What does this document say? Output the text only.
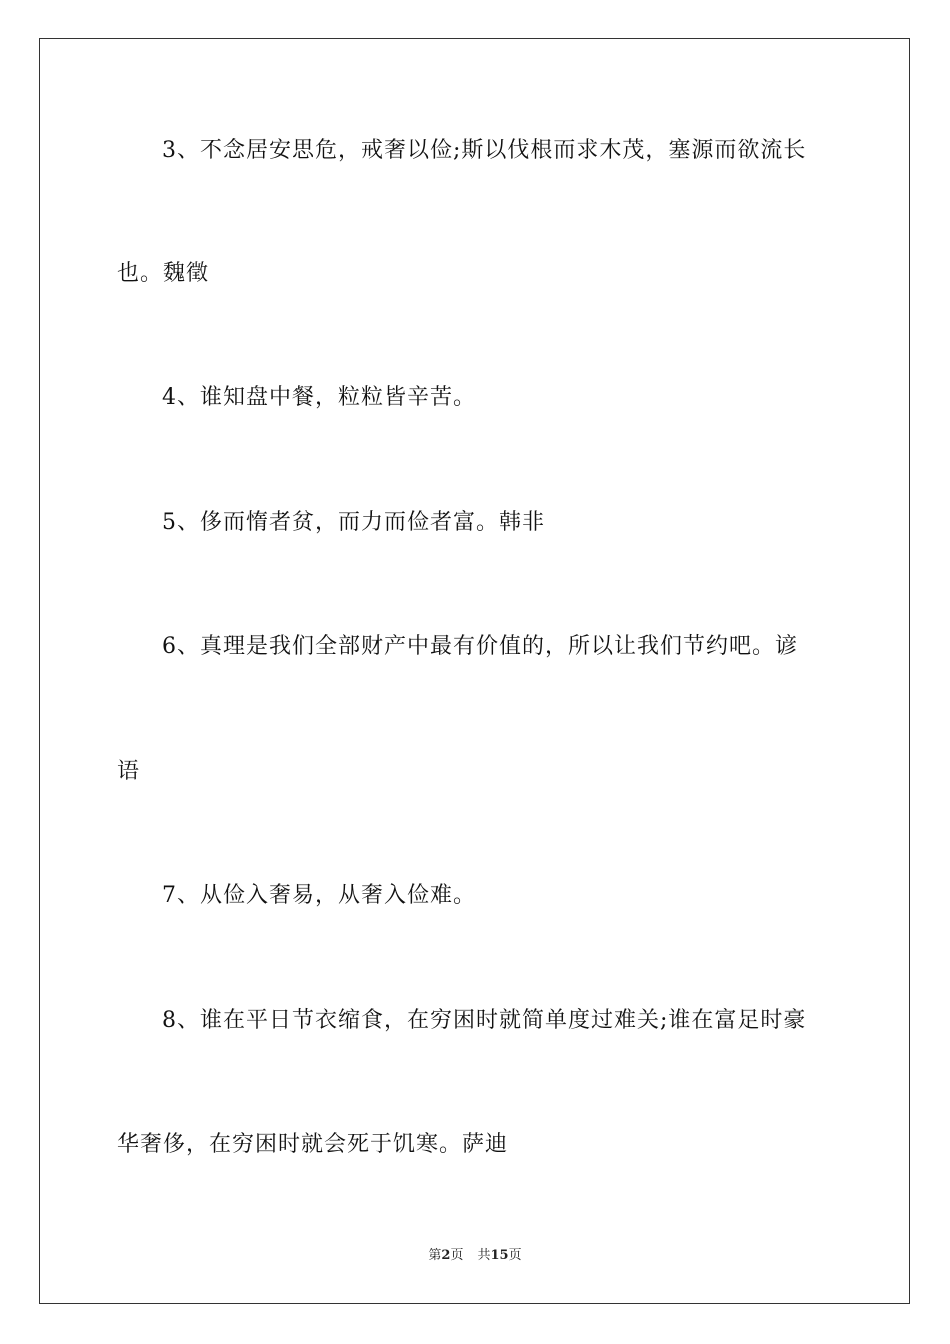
3、不念居安思危，戒奢以俭;斯以伐根而求木茂，塞源而欲流长
也。魏徵
4、谁知盘中餐，粒粒皆辛苦。
5、侈而惰者贫，而力而俭者富。韩非
6、真理是我们全部财产中最有价值的，所以让我们节约吧。谚
语
7、从俭入奢易，从奢入俭难。
8、谁在平日节衣缩食，在穷困时就简单度过难关;谁在富足时豪
华奢侈，在穷困时就会死于饥寒。萨迪
第2页 共15页
